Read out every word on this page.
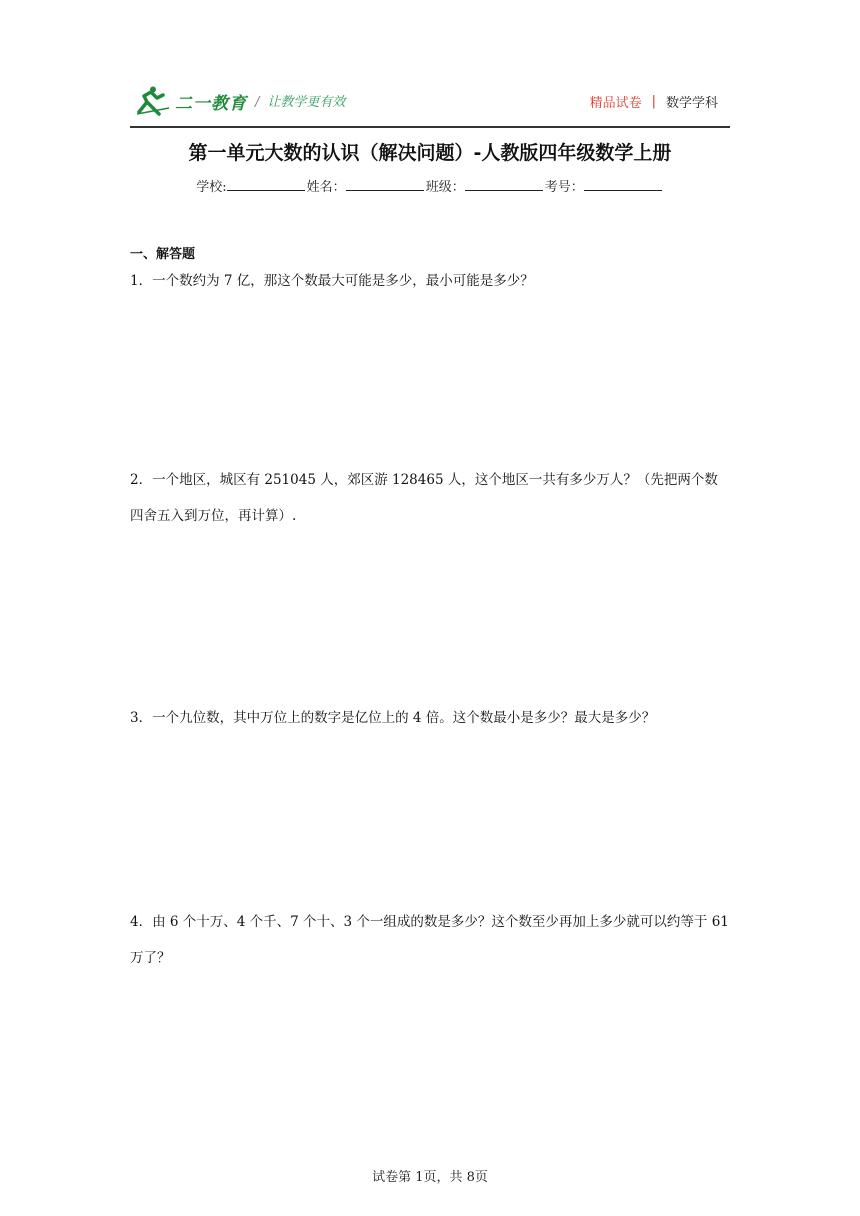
二一教育 / 让教学更有效	精品试卷 | 数学学科
第一单元大数的认识（解决问题）-人教版四年级数学上册
学校:	姓名：	班级：	考号：
一、解答题
1．一个数约为 7 亿，那这个数最大可能是多少，最小可能是多少？
2．一个地区，城区有 251045 人，郊区游 128465 人，这个地区一共有多少万人？（先把两个数四舍五入到万位，再计算）.
3．一个九位数，其中万位上的数字是亿位上的 4 倍。这个数最小是多少？最大是多少？
4．由 6 个十万、4 个千、7 个十、3 个一组成的数是多少？这个数至少再加上多少就可以约等于 61 万了？
试卷第 1页，共 8页
